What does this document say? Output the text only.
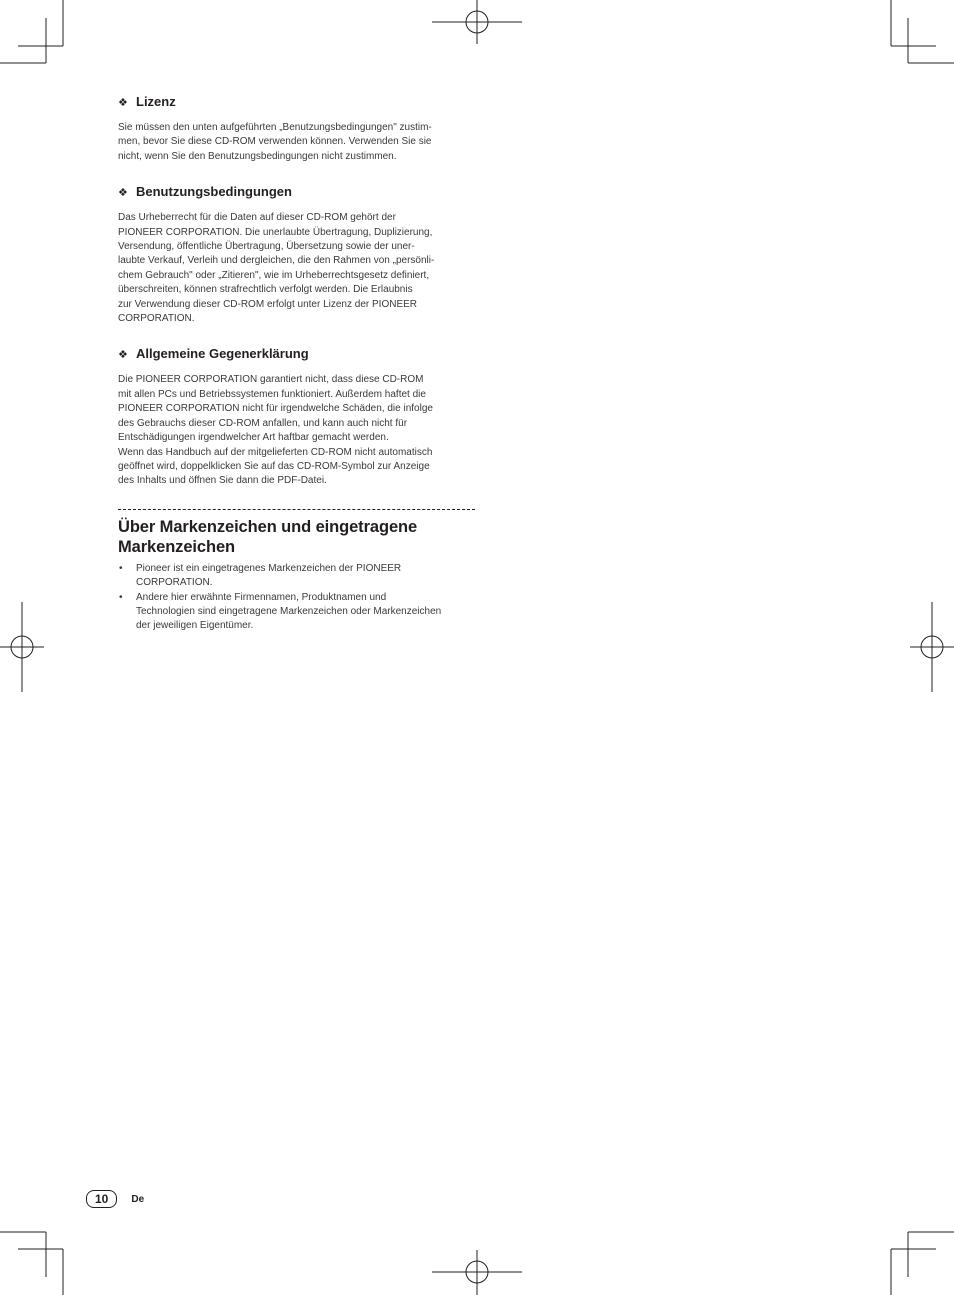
❖ Lizenz

Sie müssen den unten aufgeführten „Benutzungsbedingungen" zustim-
men, bevor Sie diese CD-ROM verwenden können. Verwenden Sie sie
nicht, wenn Sie den Benutzungsbedingungen nicht zustimmen.

❖ Benutzungsbedingungen

Das Urheberrecht für die Daten auf dieser CD-ROM gehört der
PIONEER CORPORATION. Die unerlaubte Übertragung, Duplizierung,
Versendung, öffentliche Übertragung, Übersetzung sowie der uner-
laubte Verkauf, Verleih und dergleichen, die den Rahmen von „persönli-
chem Gebrauch" oder „Zitieren", wie im Urheberrechtsgesetz definiert,
überschreiten, können strafrechtlich verfolgt werden. Die Erlaubnis
zur Verwendung dieser CD-ROM erfolgt unter Lizenz der PIONEER
CORPORATION.

❖ Allgemeine Gegenerklärung

Die PIONEER CORPORATION garantiert nicht, dass diese CD-ROM
mit allen PCs und Betriebssystemen funktioniert. Außerdem haftet die
PIONEER CORPORATION nicht für irgendwelche Schäden, die infolge
des Gebrauchs dieser CD-ROM anfallen, und kann auch nicht für
Entschädigungen irgendwelcher Art haftbar gemacht werden.
Wenn das Handbuch auf der mitgelieferten CD-ROM nicht automatisch
geöffnet wird, doppelklicken Sie auf das CD-ROM-Symbol zur Anzeige
des Inhalts und öffnen Sie dann die PDF-Datei.

Über Markenzeichen und eingetragene
Markenzeichen
• Pioneer ist ein eingetragenes Markenzeichen der PIONEER
CORPORATION.
• Andere hier erwähnte Firmennamen, Produktnamen und
Technologien sind eingetragene Markenzeichen oder Markenzeichen
der jeweiligen Eigentümer.
10	De
